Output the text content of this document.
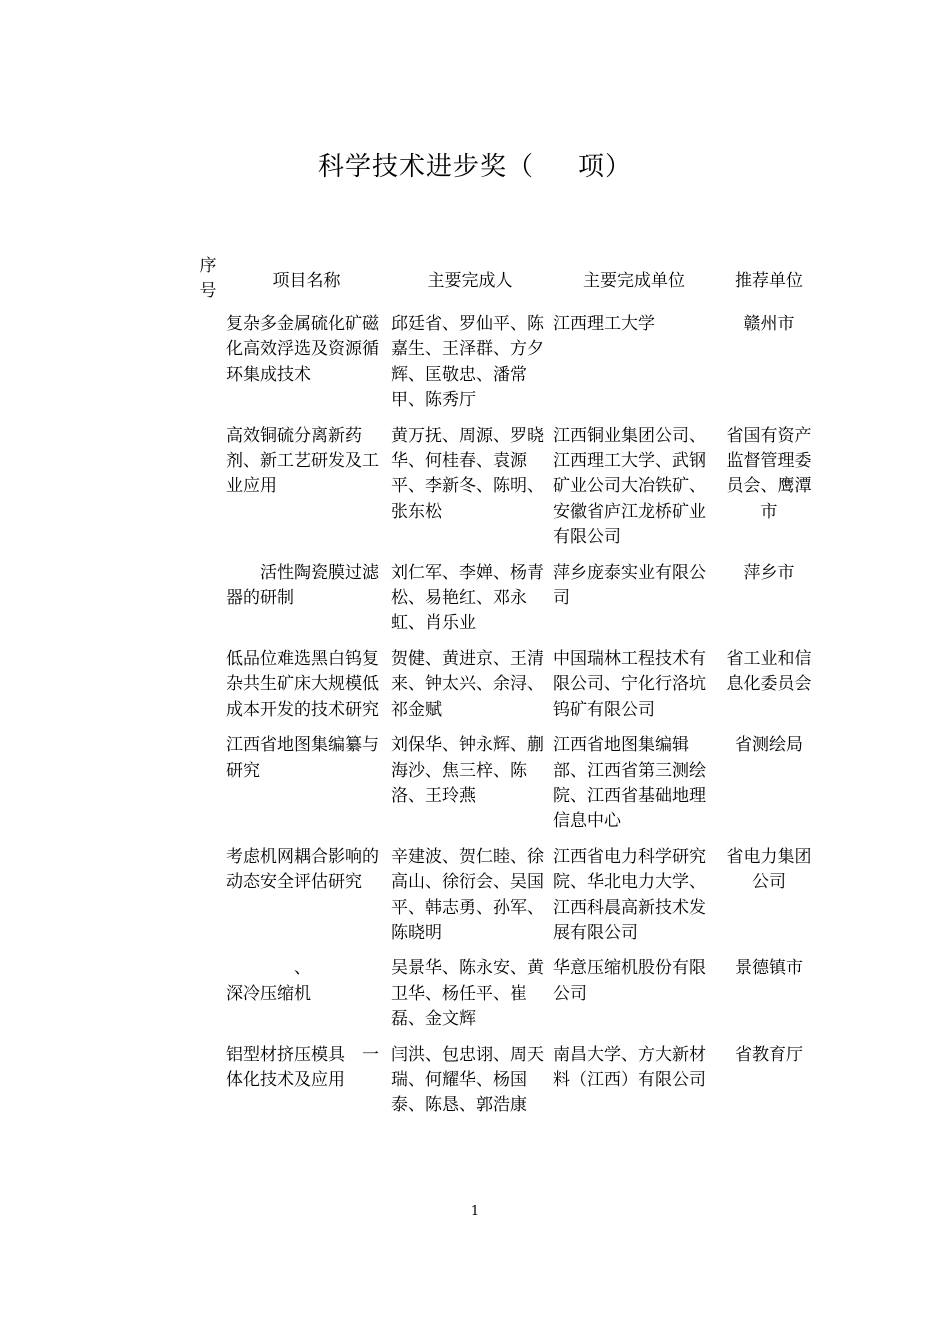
科学技术进步奖（ 项）
序号	项目名称	主要完成人	主要完成单位	推荐单位
复杂多金属硫化矿磁化高效浮选及资源循环集成技术	邱廷省、罗仙平、陈嘉生、王泽群、方夕辉、匡敬忠、潘常甲、陈秀厅	江西理工大学	赣州市
高效铜硫分离新药剂、新工艺研发及工业应用	黄万抚、周源、罗晓华、何桂春、袁源平、李新冬、陈明、张东松	江西铜业集团公司、江西理工大学、武钢矿业公司大冶铁矿、安徽省庐江龙桥矿业有限公司	省国有资产监督管理委员会、鹰潭市
　　活性陶瓷膜过滤器的研制	刘仁军、李婵、杨青松、易艳红、邓永虹、肖乐业	萍乡庞泰实业有限公司	萍乡市
低品位难选黑白钨复杂共生矿床大规模低成本开发的技术研究	贺健、黄进京、王清来、钟太兴、余浔、祁金赋	中国瑞林工程技术有限公司、宁化行洛坑钨矿有限公司	省工业和信息化委员会
江西省地图集编纂与研究	刘保华、钟永辉、蒯海沙、焦三梓、陈 洛、王玲燕	江西省地图集编辑部、江西省第三测绘院、江西省基础地理信息中心	省测绘局
考虑机网耦合影响的动态安全评估研究	辛建波、贺仁睦、徐高山、徐衍会、吴国平、韩志勇、孙军、陈晓明	江西省电力科学研究院、华北电力大学、江西科晨高新技术发展有限公司	省电力集团公司
　　　　、　　　　　深冷压缩机	吴景华、陈永安、黄卫华、杨任平、崔磊、金文辉	华意压缩机股份有限公司	景德镇市
铝型材挤压模具　一体化技术及应用	闫洪、包忠诩、周天瑞、何耀华、杨国泰、陈恳、郭浩康	南昌大学、方大新材料（江西）有限公司	省教育厅
1
